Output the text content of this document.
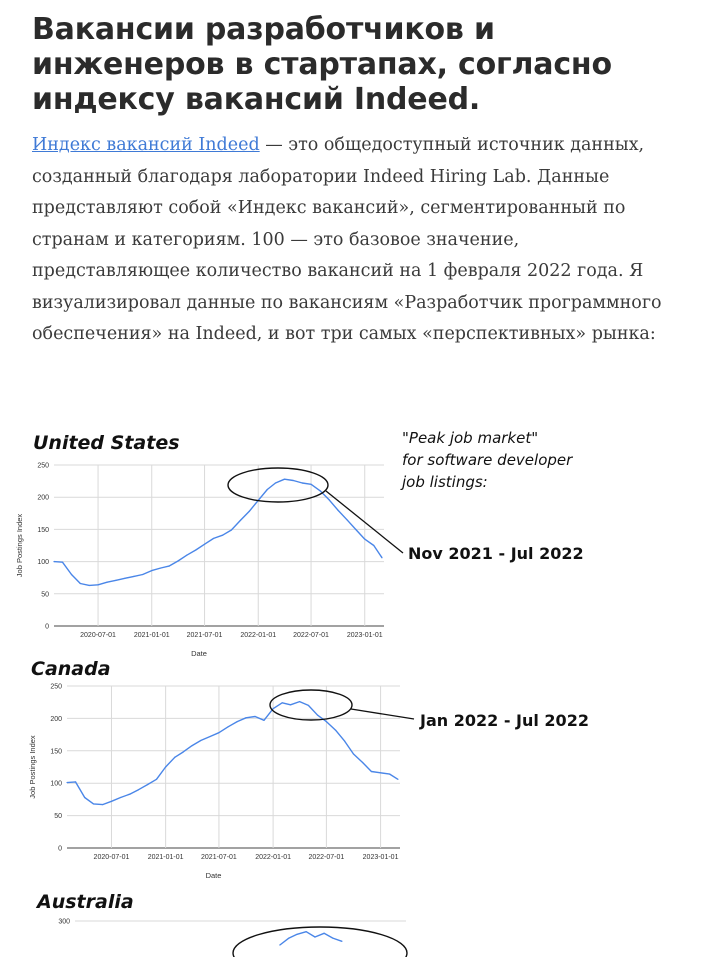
Вакансии разработчиков и инженеров в стартапах, согласно индексу вакансий Indeed.

Индекс вакансий Indeed — это общедоступный источник данных, созданный благодаря лаборатории Indeed Hiring Lab. Данные представляют собой «Индекс вакансий», сегментированный по странам и категориям. 100 — это базовое значение, представляющее количество вакансий на 1 февраля 2022 года. Я визуализировал данные по вакансиям «Разработчик программного обеспечения» на Indeed, и вот три самых «перспективных» рынка:

United States
0
50
100
150
200
250
2020-07-01	2021-01-01 2021-07-01	2022-01-01 2022-07-01	2023-01-01
Date
Job Postings Index
Canada
0
50
100
150
200
250
2020-07-01	2021-01-01 2021-07-01	2022-01-01 2022-07-01	2023-01-01
Date
Job Postings Index
Australia
300
"Peak job market"
for software developer
job listings:
Nov 2021 - Jul 2022
Jan 2022 - Jul 2022
